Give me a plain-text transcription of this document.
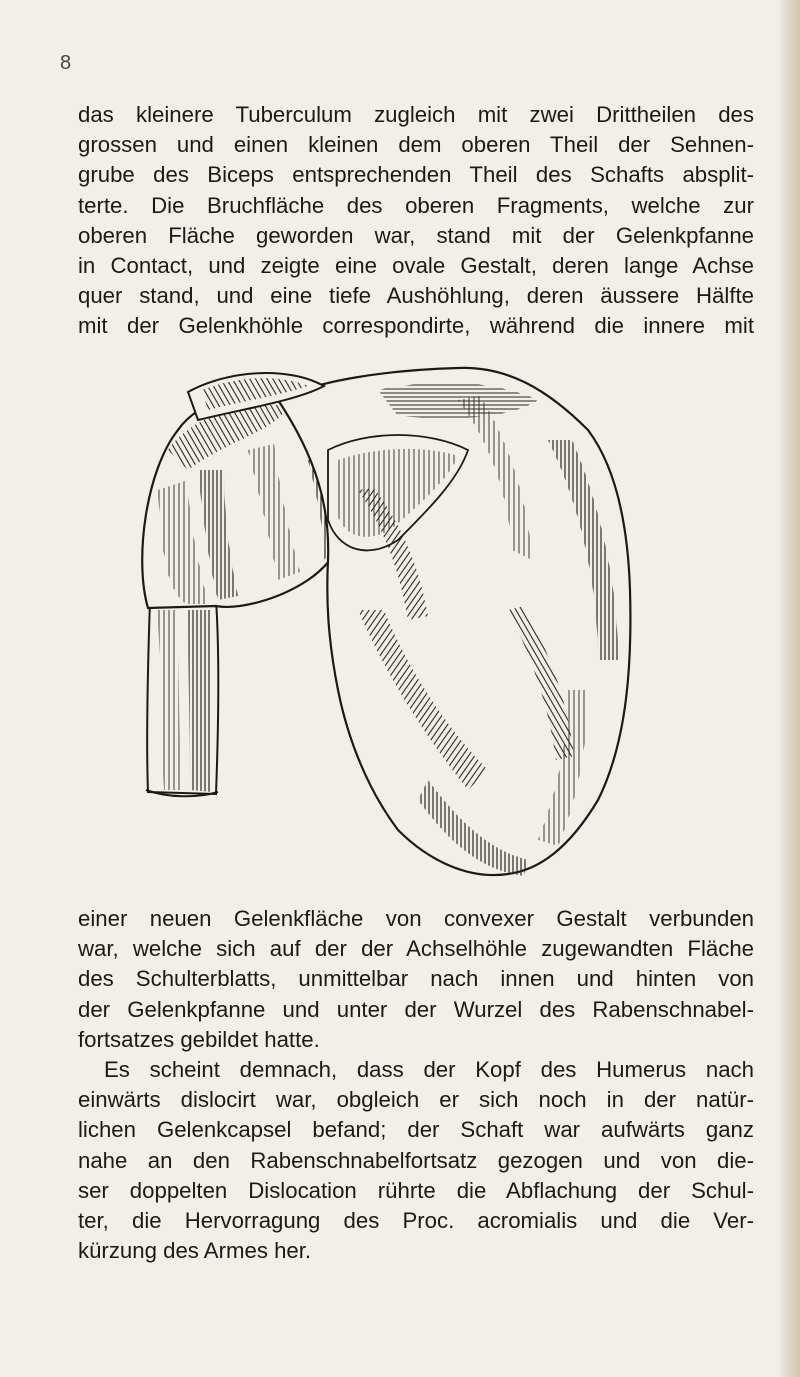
8

das kleinere Tuberculum zugleich mit zwei Drittheilen des
grossen und einen kleinen dem oberen Theil der Sehnen-
grube des Biceps entsprechenden Theil des Schafts absplit-
terte. Die Bruchfläche des oberen Fragments, welche zur
oberen Fläche geworden war, stand mit der Gelenkpfanne
in Contact, und zeigte eine ovale Gestalt, deren lange Achse
quer stand, und eine tiefe Aushöhlung, deren äussere Hälfte
mit der Gelenkhöhle correspondirte, während die innere mit

einer neuen Gelenkfläche von convexer Gestalt verbunden
war, welche sich auf der der Achselhöhle zugewandten Fläche
des Schulterblatts, unmittelbar nach innen und hinten von
der Gelenkpfanne und unter der Wurzel des Rabenschnabel-
fortsatzes gebildet hatte.

Es scheint demnach, dass der Kopf des Humerus nach
einwärts dislocirt war, obgleich er sich noch in der natür-
lichen Gelenkcapsel befand; der Schaft war aufwärts ganz
nahe an den Rabenschnabelfortsatz gezogen und von die-
ser doppelten Dislocation rührte die Abflachung der Schul-
ter, die Hervorragung des Proc. acromialis und die Ver-
kürzung des Armes her.
